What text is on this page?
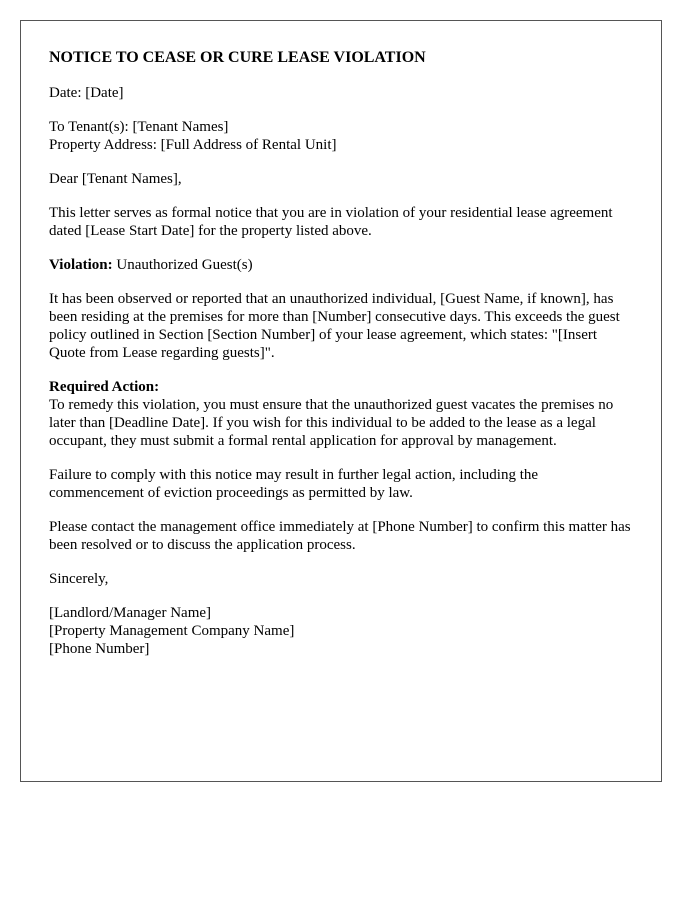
NOTICE TO CEASE OR CURE LEASE VIOLATION

Date: [Date]

To Tenant(s): [Tenant Names]
Property Address: [Full Address of Rental Unit]

Dear [Tenant Names],

This letter serves as formal notice that you are in violation of your residential lease agreement dated [Lease Start Date] for the property listed above.

Violation: Unauthorized Guest(s)

It has been observed or reported that an unauthorized individual, [Guest Name, if known], has been residing at the premises for more than [Number] consecutive days. This exceeds the guest policy outlined in Section [Section Number] of your lease agreement, which states: "[Insert Quote from Lease regarding guests]".

Required Action:
To remedy this violation, you must ensure that the unauthorized guest vacates the premises no later than [Deadline Date]. If you wish for this individual to be added to the lease as a legal occupant, they must submit a formal rental application for approval by management.

Failure to comply with this notice may result in further legal action, including the commencement of eviction proceedings as permitted by law.

Please contact the management office immediately at [Phone Number] to confirm this matter has been resolved or to discuss the application process.

Sincerely,

[Landlord/Manager Name]
[Property Management Company Name]
[Phone Number]
